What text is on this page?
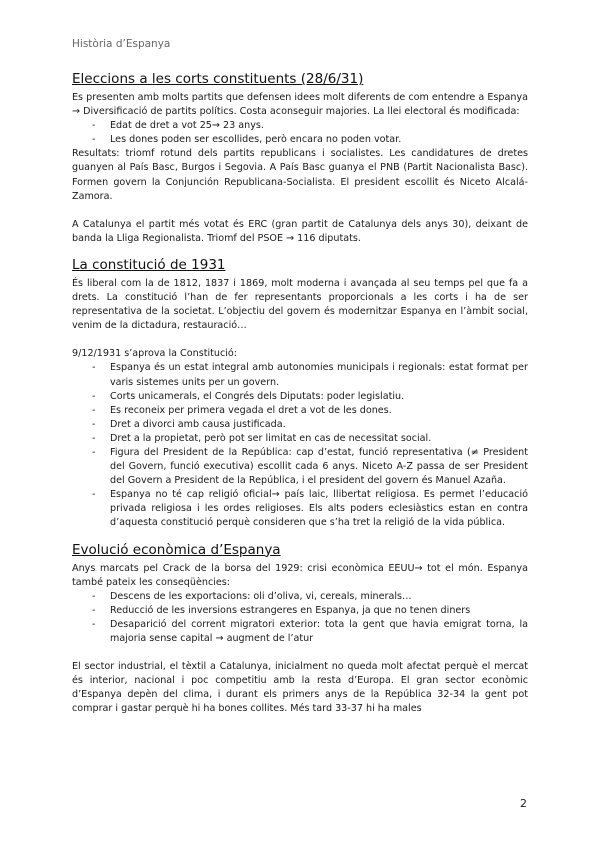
Història d’Espanya
Eleccions a les corts constituents (28/6/31)

Es presenten amb molts partits que defensen idees molt diferents de com entendre a Espanya → Diversificació de partits polítics. Costa aconseguir majories. La llei electoral és modificada:

- Edat de dret a vot 25→ 23 anys.
- Les dones poden ser escollides, però encara no poden votar.

Resultats: triomf rotund dels partits republicans i socialistes. Les candidatures de dretes guanyen al País Basc, Burgos i Segovia. A País Basc guanya el PNB (Partit Nacionalista Basc). Formen govern la Conjunción Republicana-Socialista. El president escollit és Niceto Alcalá-Zamora.

A Catalunya el partit més votat és ERC (gran partit de Catalunya dels anys 30), deixant de banda la Lliga Regionalista. Triomf del PSOE → 116 diputats.

La constitució de 1931

És liberal com la de 1812, 1837 i 1869, molt moderna i avançada al seu temps pel que fa a drets. La constitució l’han de fer representants proporcionals a les corts i ha de ser representativa de la societat. L’objectiu del govern és modernitzar Espanya en l’àmbit social, venim de la dictadura, restauració…

9/12/1931 s’aprova la Constitució:

- Espanya és un estat integral amb autonomies municipals i regionals: estat format per varis sistemes units per un govern.
- Corts unicamerals, el Congrés dels Diputats: poder legislatiu.
- Es reconeix per primera vegada el dret a vot de les dones.
- Dret a divorci amb causa justificada.
- Dret a la propietat, però pot ser limitat en cas de necessitat social.
- Figura del President de la República: cap d’estat, funció representativa (≠ President del Govern, funció executiva) escollit cada 6 anys. Niceto A-Z passa de ser President del Govern a President de la República, i el president del govern és Manuel Azaña.
- Espanya no té cap religió oficial→ país laic, llibertat religiosa. Es permet l’educació privada religiosa i les ordes religioses. Els alts poders eclesiàstics estan en contra d’aquesta constitució perquè consideren que s’ha tret la religió de la vida pública.
Evolució econòmica d’Espanya

Anys marcats pel Crack de la borsa del 1929: crisi econòmica EEUU→ tot el món. Espanya també pateix les conseqüències:

- Descens de les exportacions: oli d’oliva, vi, cereals, minerals…
- Reducció de les inversions estrangeres en Espanya, ja que no tenen diners
- Desaparició del corrent migratori exterior: tota la gent que havia emigrat torna, la majoria sense capital → augment de l’atur

El sector industrial, el tèxtil a Catalunya, inicialment no queda molt afectat perquè el mercat és interior, nacional i poc competitiu amb la resta d’Europa. El gran sector econòmic d’Espanya depèn del clima, i durant els primers anys de la República 32-34 la gent pot comprar i gastar perquè hi ha bones collites. Més tard 33-37 hi ha males

2
